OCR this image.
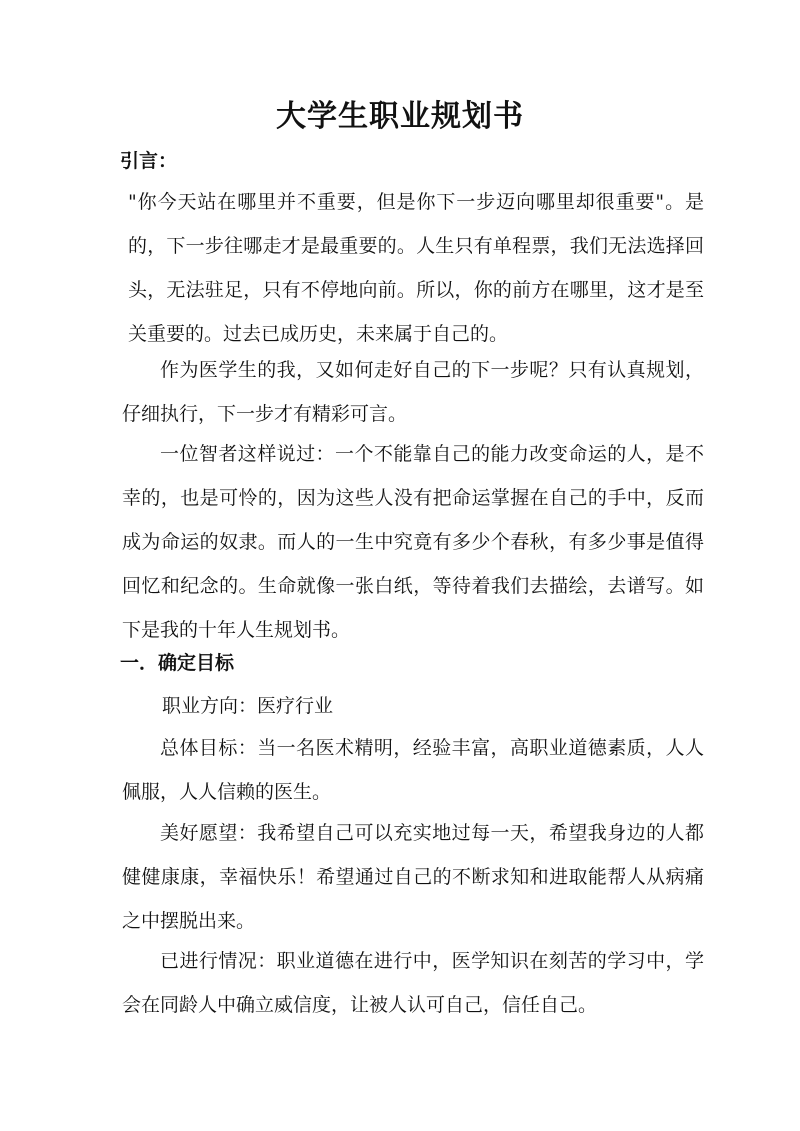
大学生职业规划书
引言：
"你今天站在哪里并不重要，但是你下一步迈向哪里却很重要"。是的，下一步往哪走才是最重要的。人生只有单程票，我们无法选择回头，无法驻足，只有不停地向前。所以，你的前方在哪里，这才是至关重要的。过去已成历史，未来属于自己的。
作为医学生的我，又如何走好自己的下一步呢？只有认真规划，仔细执行，下一步才有精彩可言。
一位智者这样说过：一个不能靠自己的能力改变命运的人，是不幸的，也是可怜的，因为这些人没有把命运掌握在自己的手中，反而成为命运的奴隶。而人的一生中究竟有多少个春秋，有多少事是值得回忆和纪念的。生命就像一张白纸，等待着我们去描绘，去谱写。如下是我的十年人生规划书。
一．确定目标
职业方向：医疗行业
总体目标：当一名医术精明，经验丰富，高职业道德素质，人人佩服，人人信赖的医生。
美好愿望：我希望自己可以充实地过每一天，希望我身边的人都健健康康，幸福快乐！希望通过自己的不断求知和进取能帮人从病痛之中摆脱出来。
已进行情况：职业道德在进行中，医学知识在刻苦的学习中，学会在同龄人中确立威信度，让被人认可自己，信任自己。
